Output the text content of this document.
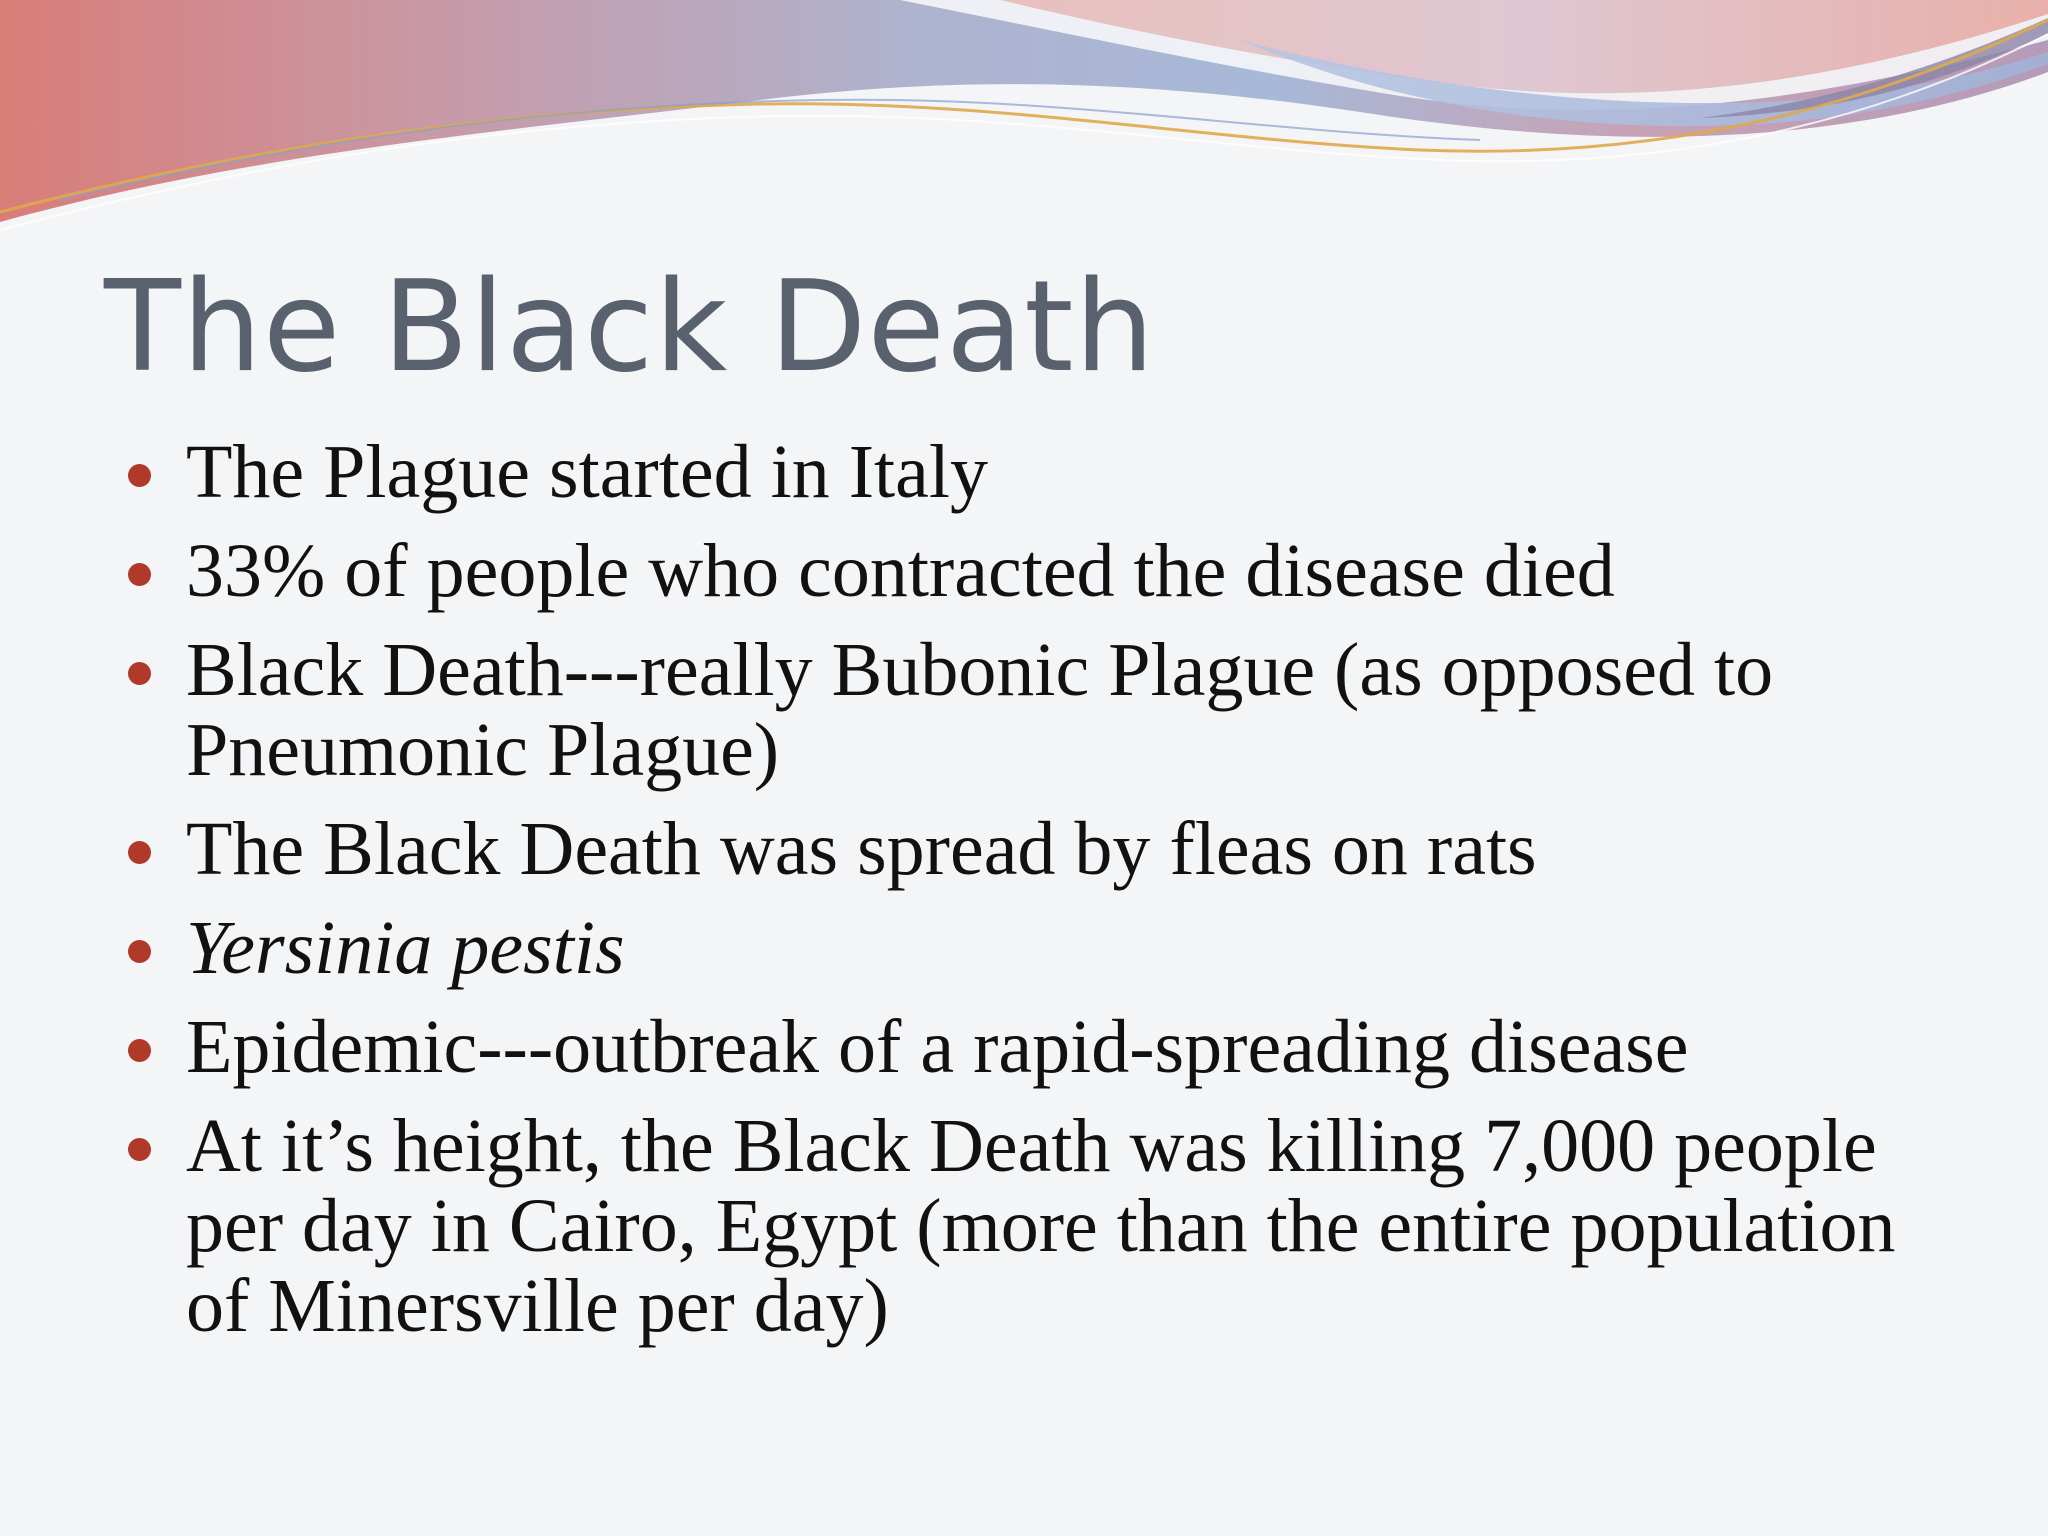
The Black Death
The Plague started in Italy
33% of people who contracted the disease died
Black Death---really Bubonic Plague (as opposed to Pneumonic Plague)
The Black Death was spread by fleas on rats
Yersinia pestis
Epidemic---outbreak of a rapid-spreading disease
At it’s height, the Black Death was killing 7,000 people per day in Cairo, Egypt (more than the entire population of Minersville per day)
